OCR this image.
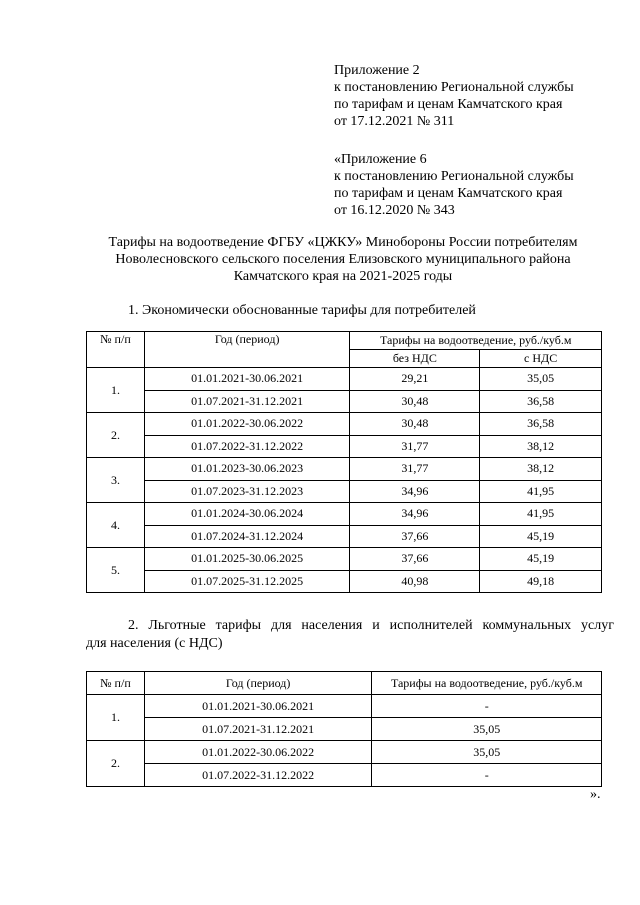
Приложение 2
к постановлению Региональной службы
по тарифам и ценам Камчатского края
от 17.12.2021 № 311
«Приложение 6
к постановлению Региональной службы
по тарифам и ценам Камчатского края
от 16.12.2020 № 343
Тарифы на водоотведение ФГБУ «ЦЖКУ» Минобороны России потребителям
Новолесновского сельского поселения Елизовского муниципального района
Камчатского края на 2021-2025 годы
1. Экономически обоснованные тарифы для потребителей
№ п/п	Год (период)	Тарифы на водоотведение, руб./куб.м	
		без НДС	с НДС
1.	01.01.2021-30.06.2021	29,21	35,05
	01.07.2021-31.12.2021	30,48	36,58
2.	01.01.2022-30.06.2022	30,48	36,58
	01.07.2022-31.12.2022	31,77	38,12
3.	01.01.2023-30.06.2023	31,77	38,12
	01.07.2023-31.12.2023	34,96	41,95
4.	01.01.2024-30.06.2024	34,96	41,95
	01.07.2024-31.12.2024	37,66	45,19
5.	01.01.2025-30.06.2025	37,66	45,19
	01.07.2025-31.12.2025	40,98	49,18
2. Льготные тарифы для населения и исполнителей коммунальных услуг
для населения (с НДС)
№ п/п	Год (период)	Тарифы на водоотведение, руб./куб.м
1.	01.01.2021-30.06.2021	-
	01.07.2021-31.12.2021	35,05
2.	01.01.2022-30.06.2022	35,05
	01.07.2022-31.12.2022	-
».
